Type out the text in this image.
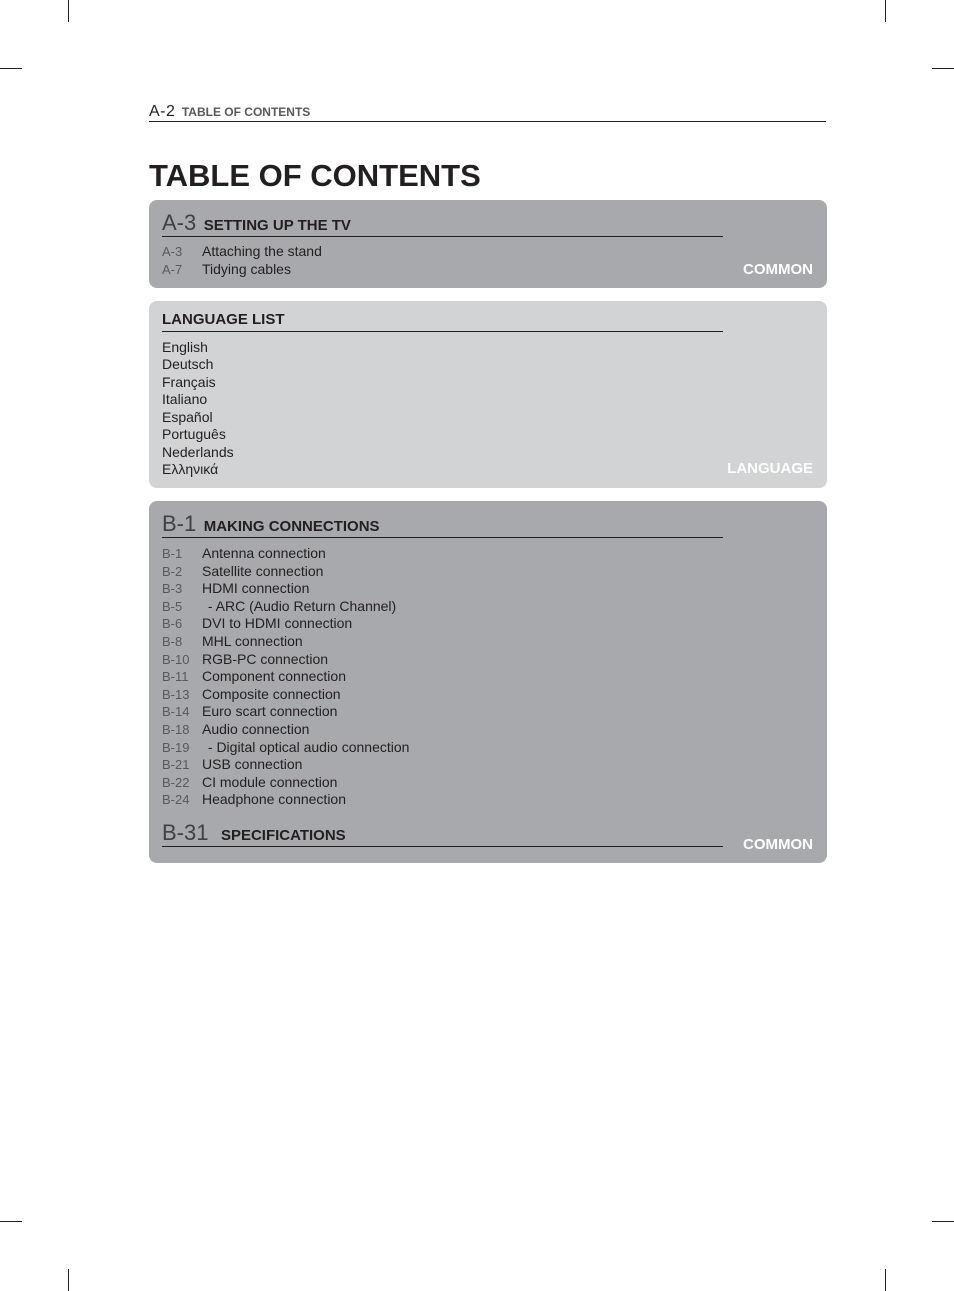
A-2 TABLE OF CONTENTS
TABLE OF CONTENTS
A-3 SETTING UP THE TV
A-3 Attaching the stand
A-7 Tidying cables	COMMON
LANGUAGE LIST
English
Deutsch
Français
Italiano
Español
Português
Nederlands
Ελληνικά	LANGUAGE
B-1 MAKING CONNECTIONS
B-1 Antenna connection
B-2 Satellite connection
B-3 HDMI connection
B-5 - ARC (Audio Return Channel)
B-6 DVI to HDMI connection
B-8 MHL connection
B-10 RGB-PC connection
B-11 Component connection
B-13 Composite connection
B-14 Euro scart connection
B-18 Audio connection
B-19 - Digital optical audio connection
B-21 USB connection
B-22 CI module connection
B-24 Headphone connection
B-31 SPECIFICATIONS
COMMON
